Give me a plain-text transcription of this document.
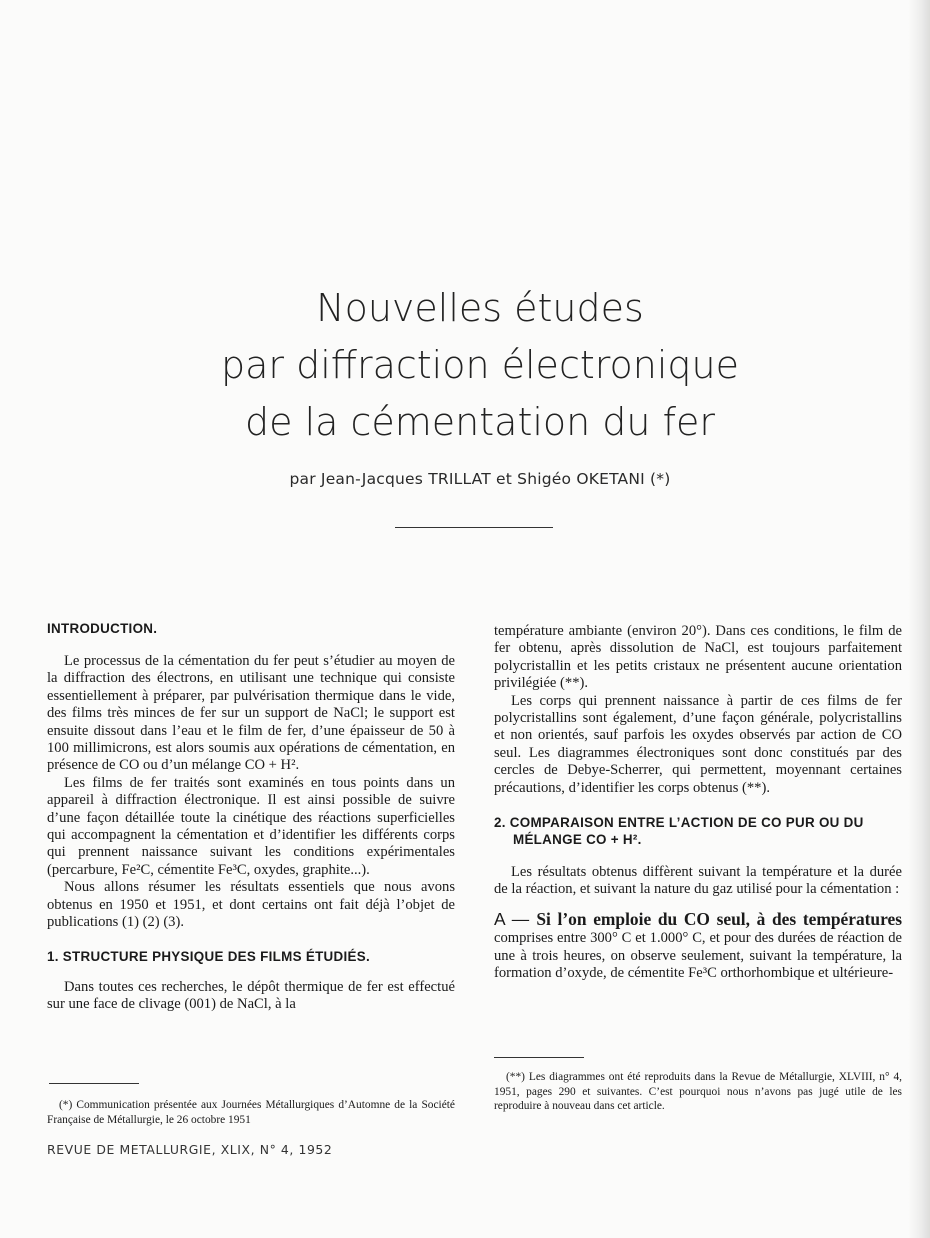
Nouvelles études
par diffraction électronique
de la cémentation du fer
par Jean-Jacques TRILLAT et Shigéo OKETANI (*)
INTRODUCTION.

Le processus de la cémentation du fer peut s’étudier au moyen de la diffraction des électrons, en utilisant une technique qui consiste essentiellement à préparer, par pulvérisation thermique dans le vide, des films très minces de fer sur un support de NaCl; le support est ensuite dissout dans l’eau et le film de fer, d’une épaisseur de 50 à 100 millimicrons, est alors soumis aux opérations de cémentation, en présence de CO ou d’un mélange CO + H².

Les films de fer traités sont examinés en tous points dans un appareil à diffraction électronique. Il est ainsi possible de suivre d’une façon détaillée toute la cinétique des réactions superficielles qui accompagnent la cémentation et d’identifier les différents corps qui prennent naissance suivant les conditions expérimentales (percarbure, Fe²C, cémentite Fe³C, oxydes, graphite...).

Nous allons résumer les résultats essentiels que nous avons obtenus en 1950 et 1951, et dont certains ont fait déjà l’objet de publications (1) (2) (3).

1. STRUCTURE PHYSIQUE DES FILMS ÉTUDIÉS.

Dans toutes ces recherches, le dépôt thermique de fer est effectué sur une face de clivage (001) de NaCl, à la

(*) Communication présentée aux Journées Métallurgiques d’Automne de la Société Française de Métallurgie, le 26 octobre 1951

température ambiante (environ 20°). Dans ces conditions, le film de fer obtenu, après dissolution de NaCl, est toujours parfaitement polycristallin et les petits cristaux ne présentent aucune orientation privilégiée (**).

Les corps qui prennent naissance à partir de ces films de fer polycristallins sont également, d’une façon générale, polycristallins et non orientés, sauf parfois les oxydes observés par action de CO seul. Les diagrammes électroniques sont donc constitués par des cercles de Debye-Scherrer, qui permettent, moyennant certaines précautions, d’identifier les corps obtenus (**).

2. COMPARAISON ENTRE L’ACTION DE CO PUR OU DU MÉLANGE CO + H².

Les résultats obtenus diffèrent suivant la température et la durée de la réaction, et suivant la nature du gaz utilisé pour la cémentation :

A — Si l’on emploie du CO seul, à des températures comprises entre 300° C et 1.000° C, et pour des durées de réaction de une à trois heures, on observe seulement, suivant la température, la formation d’oxyde, de cémentite Fe³C orthorhombique et ultérieure-

(**) Les diagrammes ont été reproduits dans la Revue de Métallurgie, XLVIII, n° 4, 1951, pages 290 et suivantes. C’est pourquoi nous n’avons pas jugé utile de les reproduire à nouveau dans cet article.

REVUE DE METALLURGIE, XLIX, N° 4, 1952
